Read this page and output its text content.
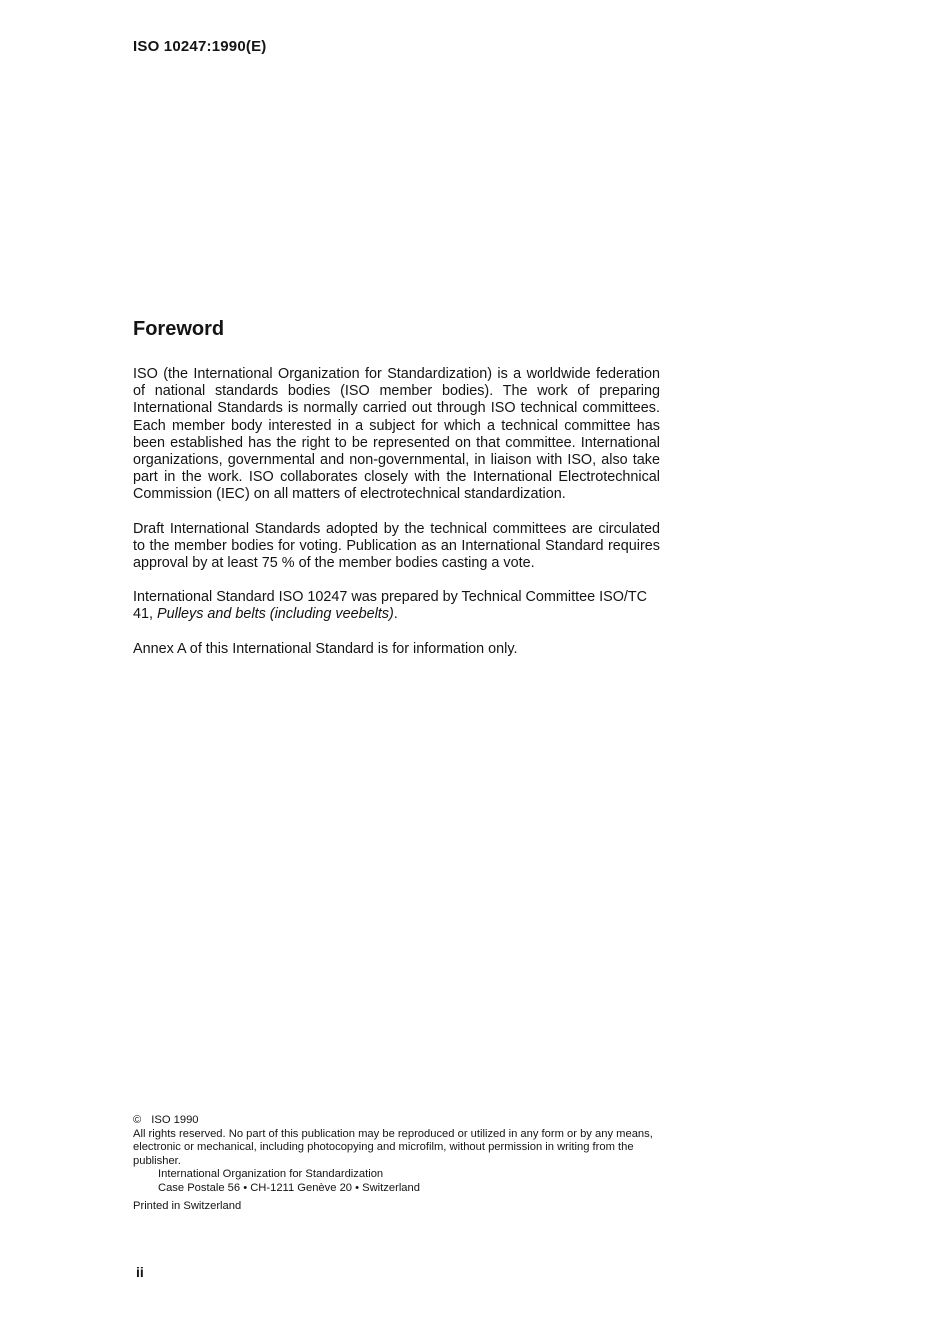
ISO 10247:1990(E)
Foreword

ISO (the International Organization for Standardization) is a worldwide federation of national standards bodies (ISO member bodies). The work of preparing International Standards is normally carried out through ISO technical committees. Each member body interested in a subject for which a technical committee has been established has the right to be represented on that committee. International organizations, governmental and non-governmental, in liaison with ISO, also take part in the work. ISO collaborates closely with the International Electrotechnical Commission (IEC) on all matters of electrotechnical standardization.

Draft International Standards adopted by the technical committees are circulated to the member bodies for voting. Publication as an International Standard requires approval by at least 75 % of the member bodies casting a vote.

International Standard ISO 10247 was prepared by Technical Committee ISO/TC 41, Pulleys and belts (including veebelts).

Annex A of this International Standard is for information only.

© ISO 1990
All rights reserved. No part of this publication may be reproduced or utilized in any form or by any means, electronic or mechanical, including photocopying and microfilm, without permission in writing from the publisher.
International Organization for Standardization
Case Postale 56 • CH-1211 Genève 20 • Switzerland
Printed in Switzerland
ii
